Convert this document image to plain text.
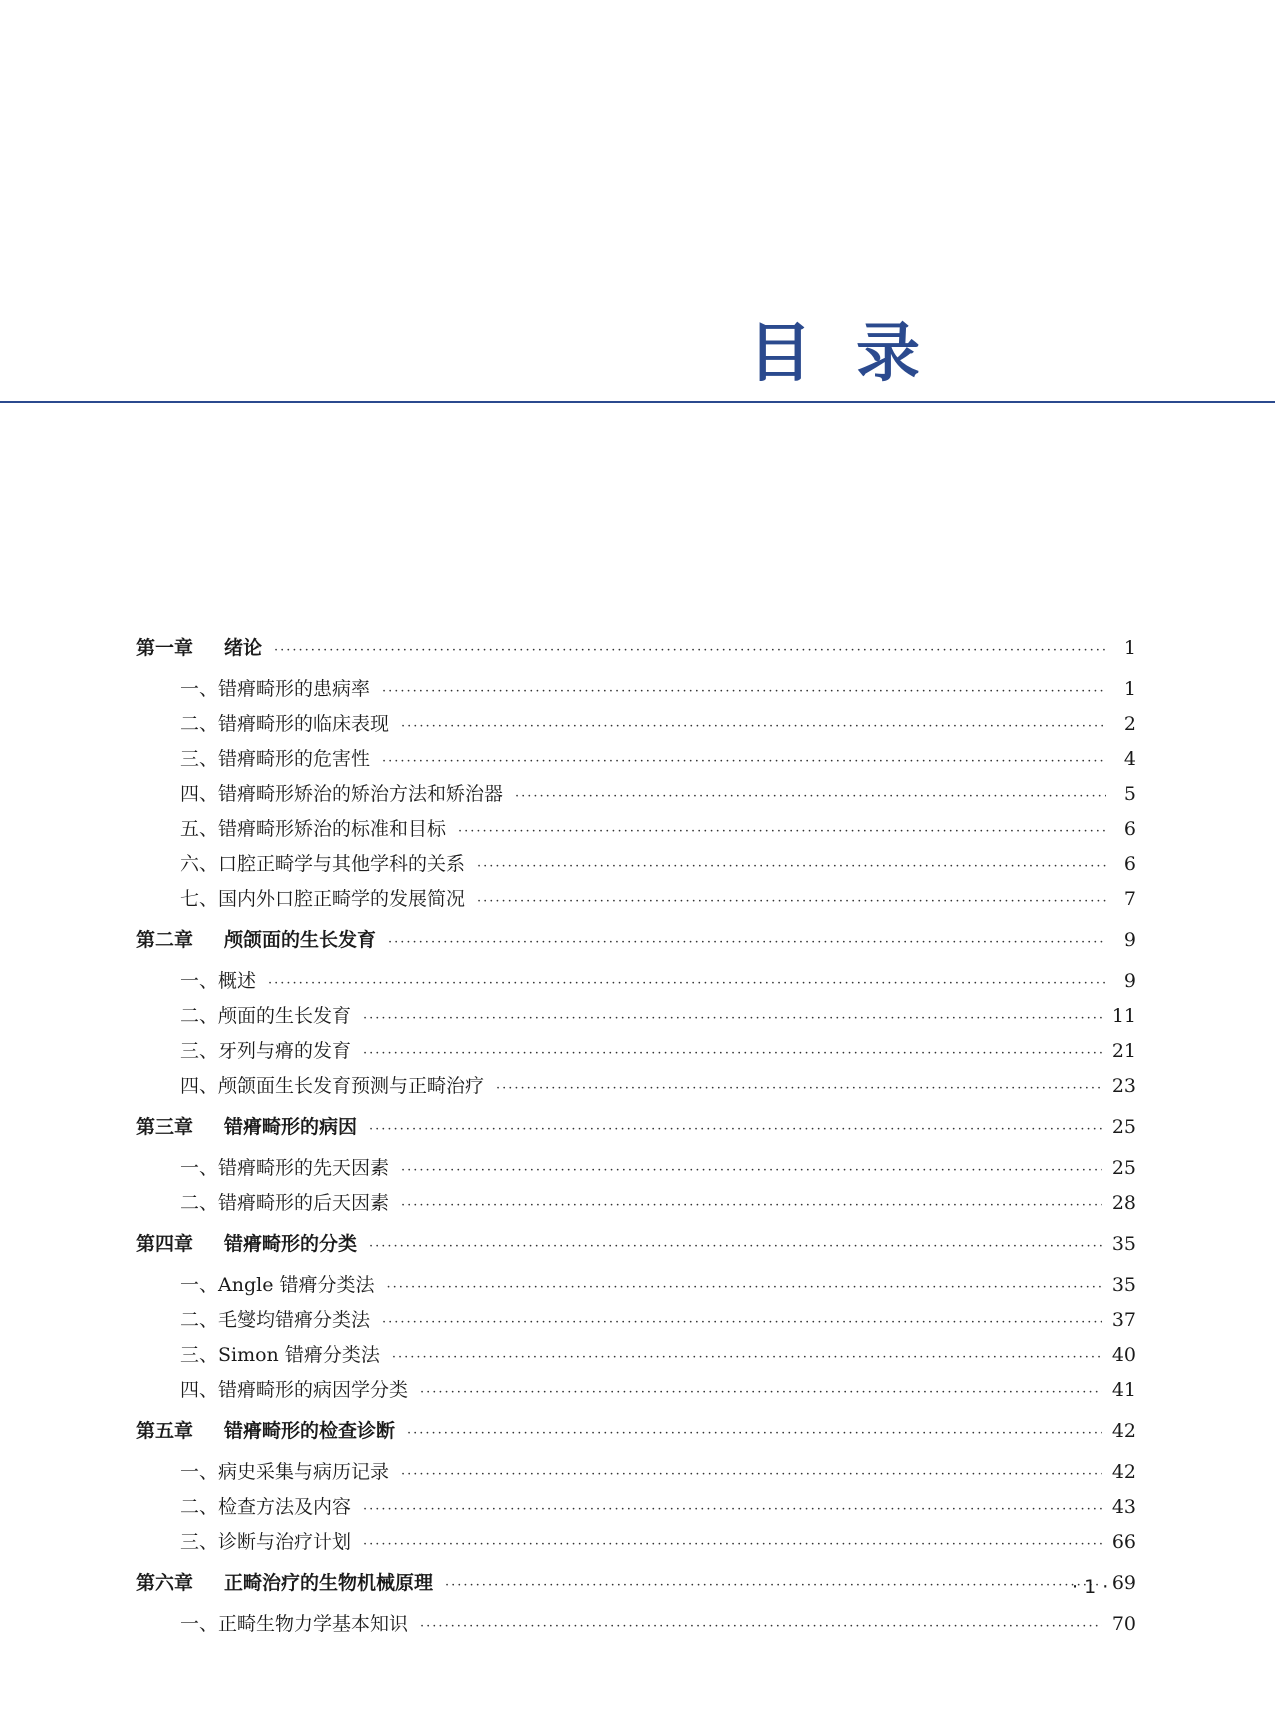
目 录
第一章	绪论 ·····	1
一、错㾶畸形的患病率 ·····	1
二、错㾶畸形的临床表现 ·····	2
三、错㾶畸形的危害性 ·····	4
四、错㾶畸形矫治的矫治方法和矫治器 ·····	5
五、错㾶畸形矫治的标准和目标 ·····	6
六、口腔正畸学与其他学科的关系 ·····	6
七、国内外口腔正畸学的发展简况 ·····	7
第二章	颅颌面的生长发育 ·····	9
一、概述 ·····	9
二、颅面的生长发育 ·····	11
三、牙列与㾶的发育 ·····	21
四、颅颌面生长发育预测与正畸治疗 ·····	23
第三章	错㾶畸形的病因 ·····	25
一、错㾶畸形的先天因素 ·····	25
二、错㾶畸形的后天因素 ·····	28
第四章	错㾶畸形的分类 ·····	35
一、Angle 错㾶分类法 ·····	35
二、毛燮均错㾶分类法 ·····	37
三、Simon 错㾶分类法 ·····	40
四、错㾶畸形的病因学分类 ·····	41
第五章	错㾶畸形的检查诊断 ·····	42
一、病史采集与病历记录 ·····	42
二、检查方法及内容 ·····	43
三、诊断与治疗计划 ·····	66
第六章	正畸治疗的生物机械原理 ·····	69
一、正畸生物力学基本知识 ·····	70
· 1 ·
